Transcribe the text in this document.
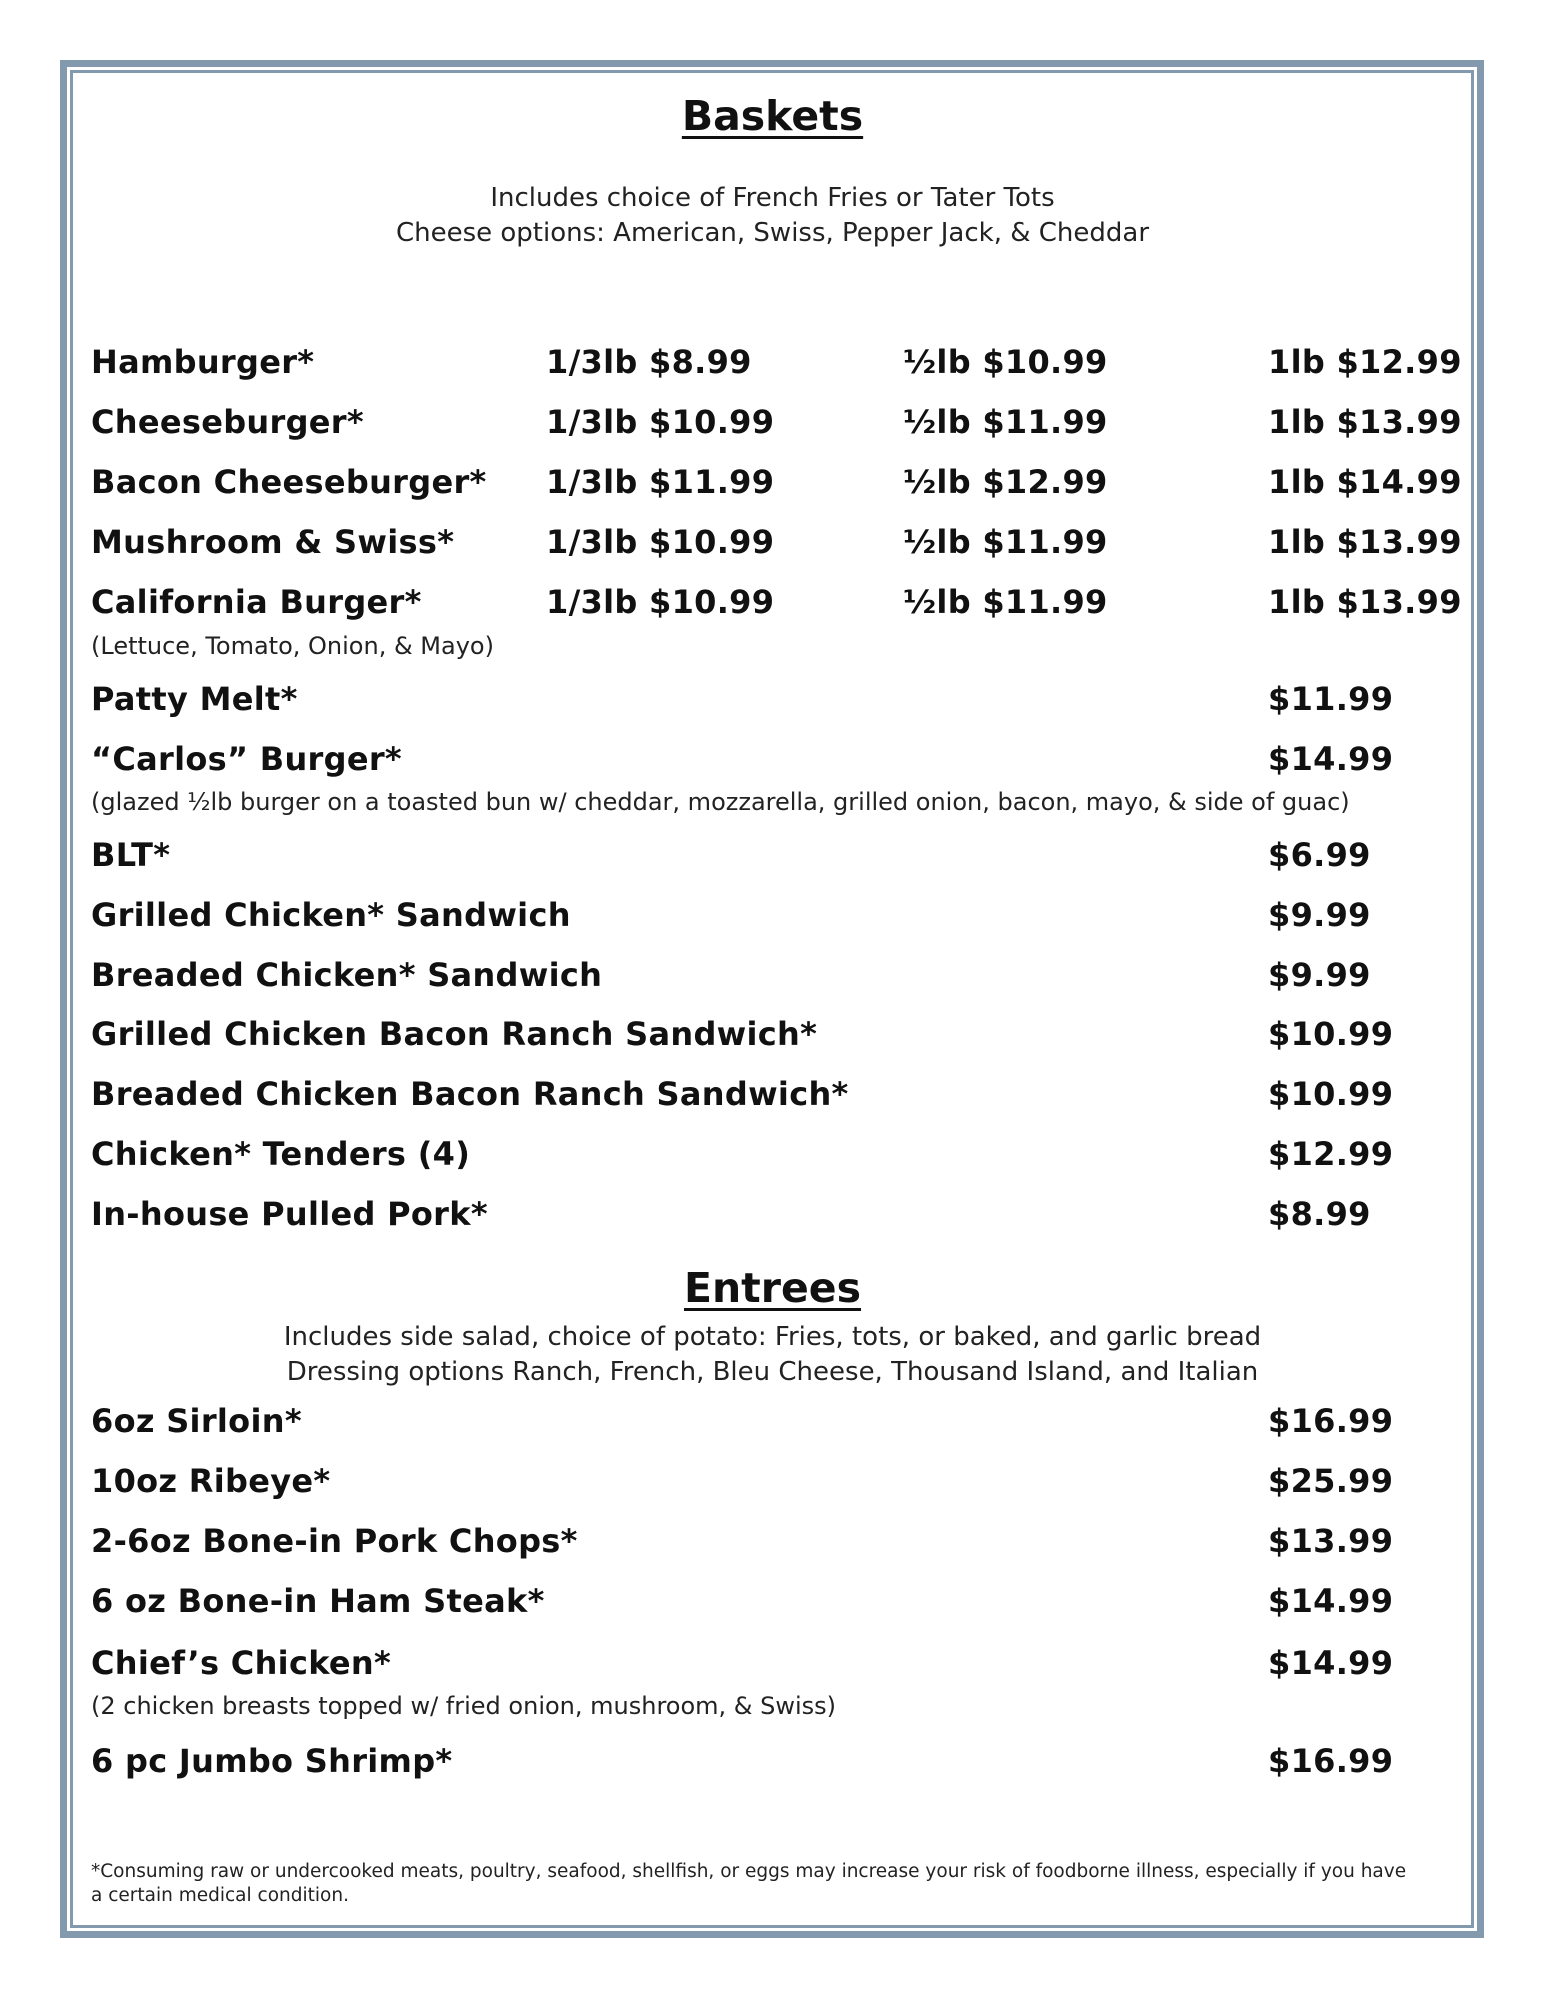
Baskets
Includes choice of French Fries or Tater Tots
Cheese options: American, Swiss, Pepper Jack, & Cheddar
Hamburger*	1/3lb $8.99	½lb $10.99	1lb $12.99
Cheeseburger*	1/3lb $10.99	½lb $11.99	1lb $13.99
Bacon Cheeseburger* 1/3lb $11.99	½lb $12.99	1lb $14.99
Mushroom & Swiss*	1/3lb $10.99	½lb $11.99	1lb $13.99
California Burger*	1/3lb $10.99	½lb $11.99	1lb $13.99
(Lettuce, Tomato, Onion, & Mayo)
Patty Melt*	$11.99
“Carlos” Burger*	$14.99
(glazed ½lb burger on a toasted bun w/ cheddar, mozzarella, grilled onion, bacon, mayo, & side of guac)
BLT*	$6.99
Grilled Chicken* Sandwich	$9.99
Breaded Chicken* Sandwich	$9.99
Grilled Chicken Bacon Ranch Sandwich*	$10.99
Breaded Chicken Bacon Ranch Sandwich*	$10.99
Chicken* Tenders (4)	$12.99
In-house Pulled Pork*	$8.99
Entrees
Includes side salad, choice of potato: Fries, tots, or baked, and garlic bread
Dressing options Ranch, French, Bleu Cheese, Thousand Island, and Italian
6oz Sirloin*	$16.99
10oz Ribeye*	$25.99
2-6oz Bone-in Pork Chops*	$13.99
6 oz Bone-in Ham Steak*	$14.99
Chief’s Chicken*	$14.99
(2 chicken breasts topped w/ fried onion, mushroom, & Swiss)
6 pc Jumbo Shrimp*	$16.99
*Consuming raw or undercooked meats, poultry, seafood, shellfish, or eggs may increase your risk of foodborne illness, especially if you have a certain medical condition.
